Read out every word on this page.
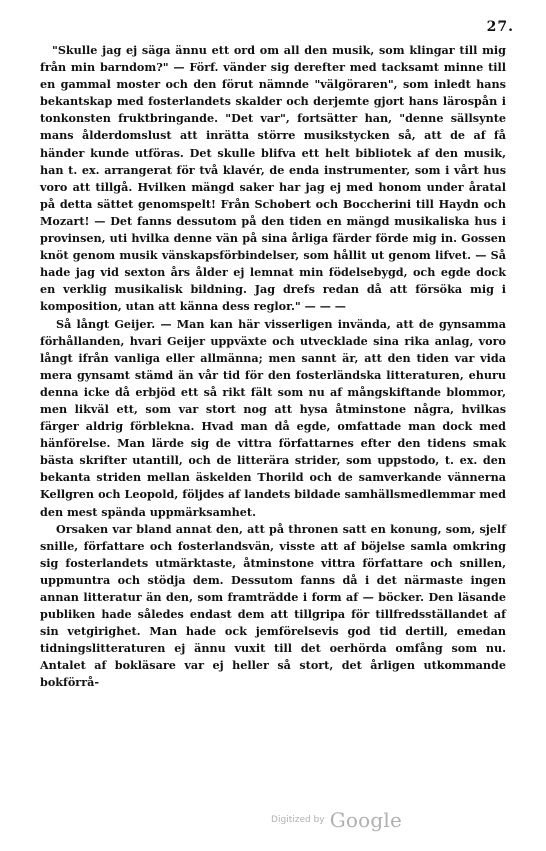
27.

"Skulle jag ej säga ännu ett ord om all den musik, som klingar till mig från min barndom?" — Förf. vänder sig derefter med tacksamt minne till en gammal moster och den förut nämnde "välgöraren", som inledt hans bekantskap med fosterlandets skalder och derjemte gjort hans lärospån i tonkonsten fruktbringande. "Det var", fortsätter han, "denne sällsynte mans ålderdomslust att inrätta större musikstycken så, att de af få händer kunde utföras. Det skulle blifva ett helt bibliotek af den musik, han t. ex. arrangerat för två klavér, de enda instrumenter, som i vårt hus voro att tillgå. Hvilken mängd saker har jag ej med honom under åratal på detta sättet genomspelt! Från Schobert och Boccherini till Haydn och Mozart! — Det fanns dessutom på den tiden en mängd musikaliska hus i provinsen, uti hvilka denne vän på sina årliga färder förde mig in. Gossen knöt genom musik vänskapsförbindelser, som hållit ut genom lifvet. — Så hade jag vid sexton års ålder ej lemnat min födelsebygd, och egde dock en verklig musikalisk bildning. Jag drefs redan då att försöka mig i komposition, utan att känna dess reglor." — — —

Så långt Geijer. — Man kan här visserligen invända, att de gynsamma förhållanden, hvari Geijer uppväxte och utvecklade sina rika anlag, voro långt ifrån vanliga eller allmänna; men sannt är, att den tiden var vida mera gynsamt stämd än vår tid för den fosterländska litteraturen, ehuru denna icke då erbjöd ett så rikt fält som nu af mångskiftande blommor, men likväl ett, som var stort nog att hysa åtminstone några, hvilkas färger aldrig förbleknа. Hvad man då egde, omfattade man dock med hänförelse. Man lärde sig de vittra författarnes efter den tidens smak bästa skrifter utantill, och de litterära strider, som uppstodo, t. ex. den bekanta striden mellan äskelden Thorild och de samverkande vännerna Kellgren och Leopold, följdes af landets bildade samhällsmedlemmar med den mest spända uppmärksamhet.

Orsaken var bland annat den, att på thronen satt en konung, som, sjelf snille, författare och fosterlandsvän, visste att af böjelse samla omkring sig fosterlandets utmärktaste, åtminstone vittra författare och snillen, uppmuntra och stödja dem. Dessutom fanns då i det närmaste ingen annan litteratur än den, som framträdde i form af — böcker. Den läsande publiken hade således endast dem att tillgripa för tillfredsställandet af sin vetgirighet. Man hade ock jemförelsevis god tid dertill, emedan tidningslitteraturen ej ännu vuxit till det oerhörda omfång som nu. Antalet af bokläsare var ej heller så stort, det årligen utkommande bokförrå-

Digitized by Google
